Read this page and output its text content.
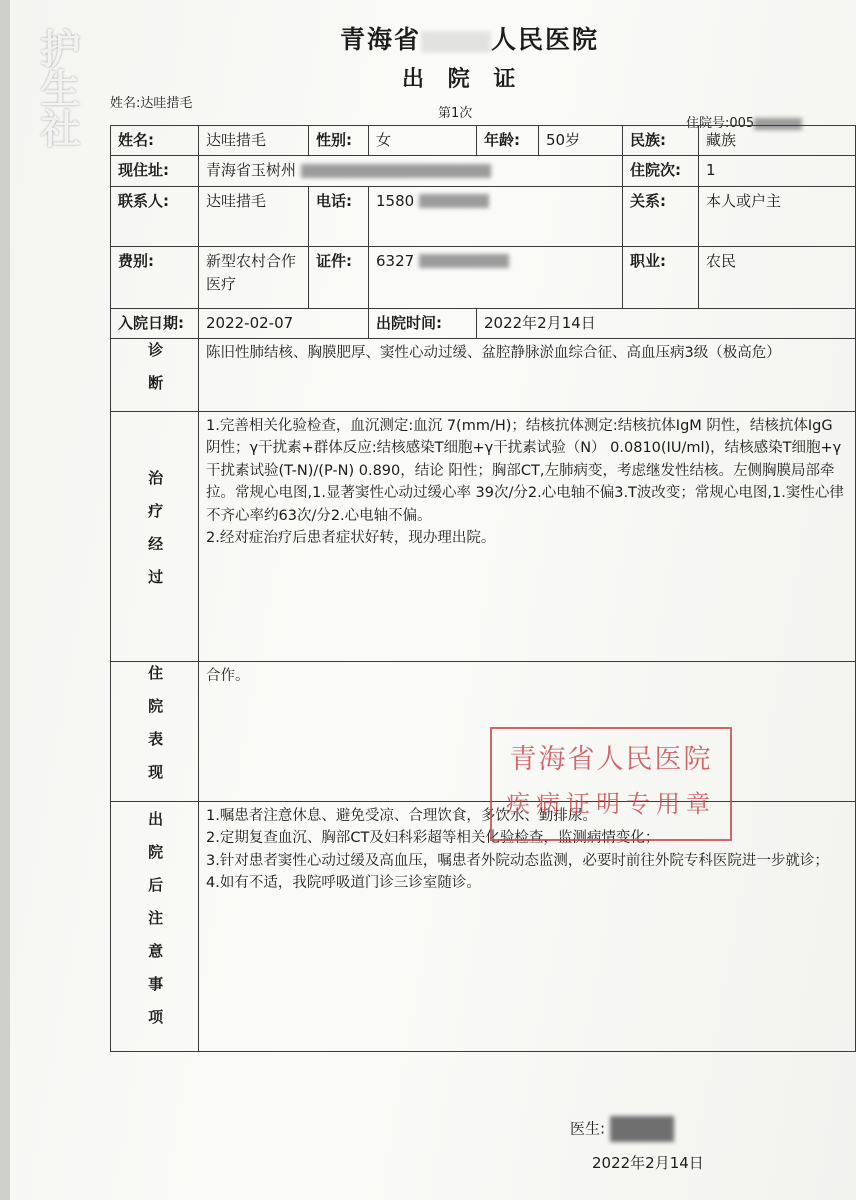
护生社	青海省	人民医院
出 院 证
姓名:达哇措毛
第1次
住院号:005
姓名:	达哇措毛	性别:	女	年龄:	50岁	民族:	藏族
现住址:	青海省玉树州					住院次:	1
联系人:	达哇措毛	电话:	1580			关系:	本人或户主
费别:	新型农村合作医疗	证件:	6327			职业:	农民
入院日期:	2022-02-07		出院时间:	2022年2月14日			
诊断	陈旧性肺结核、胸膜肥厚、窦性心动过缓、盆腔静脉淤血综合征、高血压病3级（极高危）						
治疗经过	1.完善相关化验检查，血沉测定:血沉 7(mm/H)；结核抗体测定:结核抗体IgM 阴性，结核抗体IgG 阴性；γ干扰素+群体反应:结核感染T细胞+γ干扰素试验（N） 0.0810(IU/ml)，结核感染T细胞+γ干扰素试验(T-N)/(P-N) 0.890，结论 阳性；胸部CT,左肺病变，考虑继发性结核。左侧胸膜局部牵拉。常规心电图,1.显著窦性心动过缓心率 39次/分2.心电轴不偏3.T波改变；常规心电图,1.窦性心律不齐心率约63次/分2.心电轴不偏。
2.经对症治疗后患者症状好转，现办理出院。						

住院表现	合作。						
出院后注意事项	1.嘱患者注意休息、避免受凉、合理饮食，多饮水、勤排尿。
2.定期复查血沉、胸部CT及妇科彩超等相关化验检查，监测病情变化；
3.针对患者窦性心动过缓及高血压，嘱患者外院动态监测，必要时前往外院专科医院进一步就诊；
4.如有不适，我院呼吸道门诊三诊室随诊。						
青海省人民医院
疾病证明专用章
医生:
2022年2月14日
